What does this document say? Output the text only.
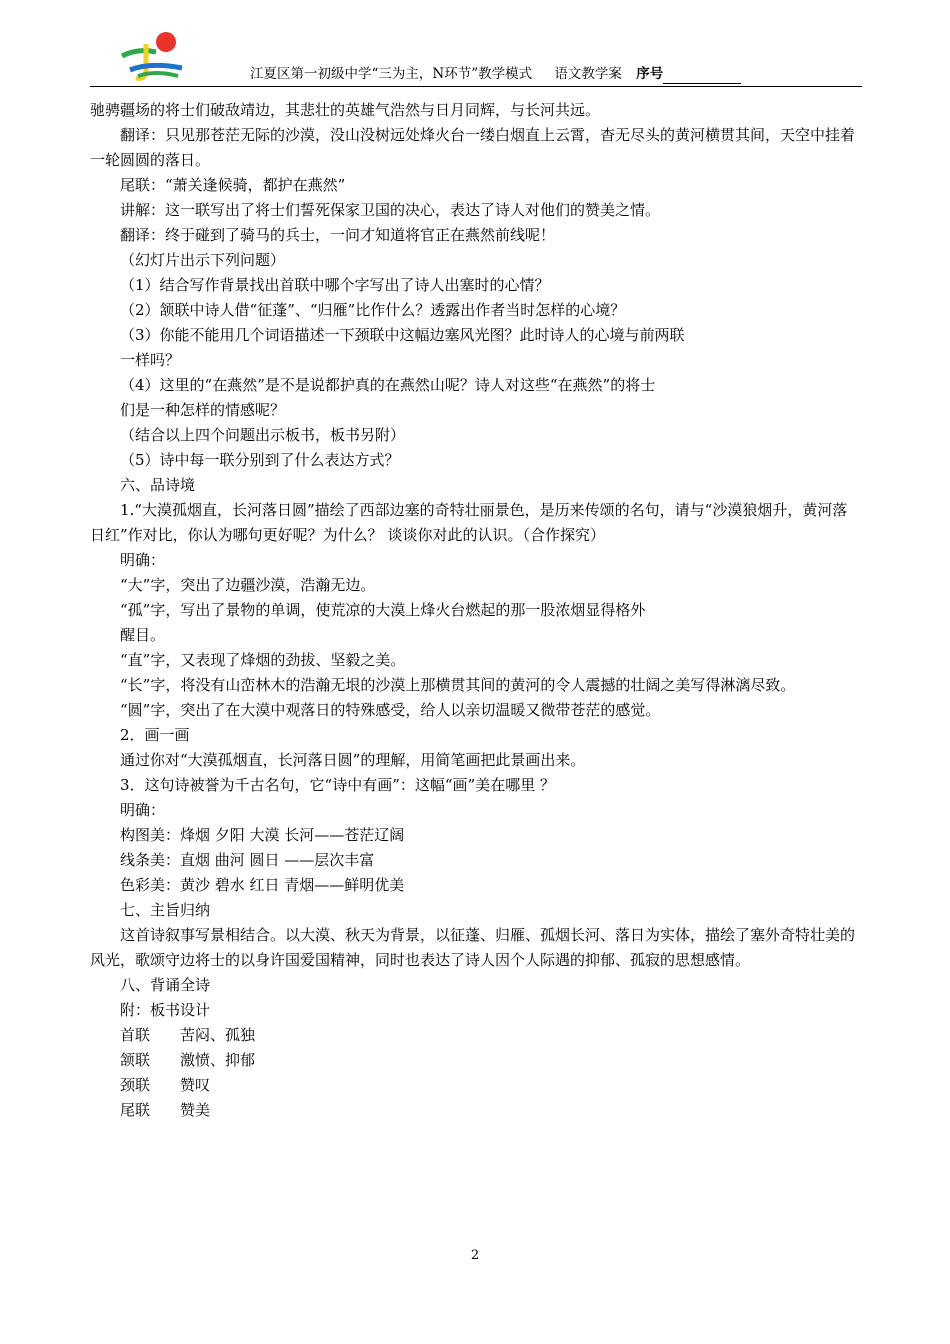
江夏区第一初级中学“三为主，N环节”教学模式 语文教学案 序号

驰骋疆场的将士们破敌靖边，其悲壮的英雄气浩然与日月同辉，与长河共远。

翻译：只见那苍茫无际的沙漠，没山没树远处烽火台一缕白烟直上云霄，杳无尽头的黄河横贯其间，天空中挂着一轮圆圆的落日。

尾联：“萧关逢候骑，都护在燕然”

讲解：这一联写出了将士们誓死保家卫国的决心，表达了诗人对他们的赞美之情。

翻译：终于碰到了骑马的兵士，一问才知道将官正在燕然前线呢！

（幻灯片出示下列问题）

（1）结合写作背景找出首联中哪个字写出了诗人出塞时的心情？

（2）颔联中诗人借“征蓬”、“归雁”比作什么？透露出作者当时怎样的心境？

（3）你能不能用几个词语描述一下颈联中这幅边塞风光图？此时诗人的心境与前两联

一样吗？

（4）这里的“在燕然”是不是说都护真的在燕然山呢？诗人对这些“在燕然”的将士

们是一种怎样的情感呢？

（结合以上四个问题出示板书，板书另附）

（5）诗中每一联分别到了什么表达方式？

六、品诗境

1.“大漠孤烟直，长河落日圆”描绘了西部边塞的奇特壮丽景色，是历来传颂的名句，请与“沙漠狼烟升，黄河落日红”作对比，你认为哪句更好呢？为什么？ 谈谈你对此的认识。（合作探究）

明确：

“大”字，突出了边疆沙漠，浩瀚无边。

“孤”字，写出了景物的单调，使荒凉的大漠上烽火台燃起的那一股浓烟显得格外

醒目。

“直”字，又表现了烽烟的劲拔、坚毅之美。

“长”字，将没有山峦林木的浩瀚无垠的沙漠上那横贯其间的黄河的令人震撼的壮阔之美写得淋漓尽致。

“圆”字，突出了在大漠中观落日的特殊感受，给人以亲切温暖又微带苍茫的感觉。

2．画一画

通过你对“大漠孤烟直，长河落日圆”的理解，用简笔画把此景画出来。

3．这句诗被誉为千古名句，它“诗中有画”：这幅“画”美在哪里 ？

明确：

构图美：烽烟 夕阳 大漠 长河——苍茫辽阔

线条美：直烟 曲河 圆日 ——层次丰富

色彩美：黄沙 碧水 红日 青烟——鲜明优美

七、主旨归纳

这首诗叙事写景相结合。以大漠、秋天为背景，以征蓬、归雁、孤烟长河、落日为实体，描绘了塞外奇特壮美的风光，歌颂守边将士的以身许国爱国精神，同时也表达了诗人因个人际遇的抑郁、孤寂的思想感情。

八、背诵全诗

附：板书设计

首联 苦闷、孤独

颔联 激愤、抑郁

颈联 赞叹

尾联 赞美

2
